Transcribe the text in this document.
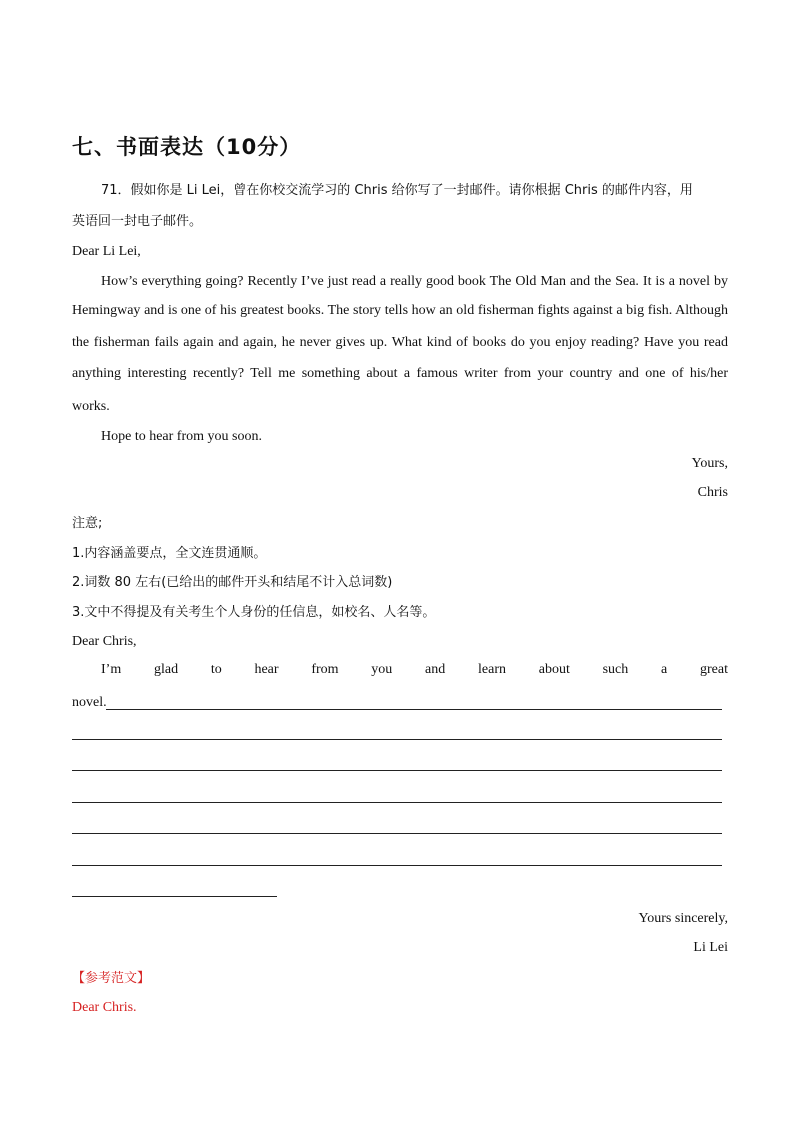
七、书面表达（10分）
71．假如你是 Li Lei，曾在你校交流学习的 Chris 给你写了一封邮件。请你根据 Chris 的邮件内容，用
英语回一封电子邮件。
Dear Li Lei,
How’s everything going? Recently I’ve just read a really good book The Old Man and the Sea. It is a novel by
Hemingway and is one of his greatest books. The story tells how an old fisherman fights against a big fish. Although
the fisherman fails again and again, he never gives up. What kind of books do you enjoy reading? Have you read
anything interesting recently? Tell me something about a famous writer from your country and one of his/her
works.
Hope to hear from you soon.
Yours,
Chris
注意;
1.内容涵盖要点，全文连贯通顺。
2.词数 80 左右(已给出的邮件开头和结尾不计入总词数)
3.文中不得提及有关考生个人身份的任信息，如校名、人名等。
Dear Chris,
I’m glad to hear from you and learn about such a great
novel.
Yours sincerely,
Li Lei
【参考范文】
Dear Chris.
